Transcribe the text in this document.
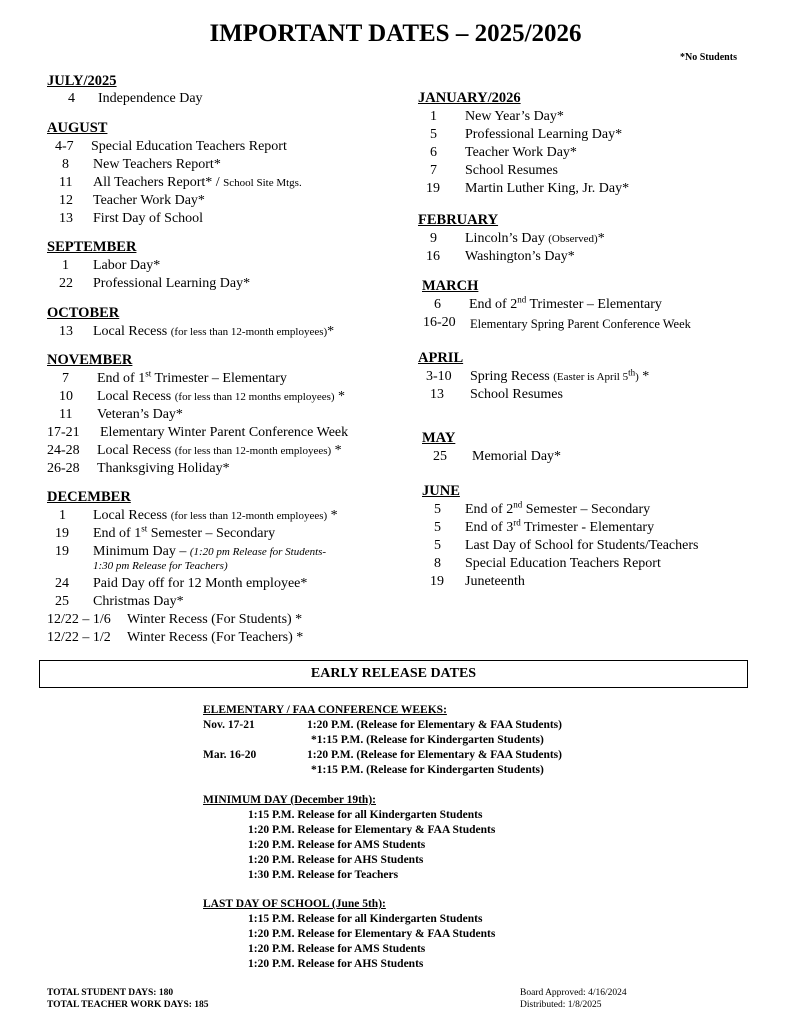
IMPORTANT DATES – 2025/2026
*No Students
JULY/2025
4 Independence Day
AUGUST
4-7 Special Education Teachers Report
8 New Teachers Report*
11 All Teachers Report* / School Site Mtgs.
12 Teacher Work Day*
13 First Day of School
SEPTEMBER
1 Labor Day*
22 Professional Learning Day*
OCTOBER
13 Local Recess (for less than 12-month employees)*
NOVEMBER
7 End of 1st Trimester – Elementary
10 Local Recess (for less than 12 months employees) *
11 Veteran’s Day*
17-21 Elementary Winter Parent Conference Week
24-28 Local Recess (for less than 12-month employees) *
26-28 Thanksgiving Holiday*
DECEMBER
1 Local Recess (for less than 12-month employees) *
19 End of 1st Semester – Secondary
19 Minimum Day – (1:20 pm Release for Students-
1:30 pm Release for Teachers)
24 Paid Day off for 12 Month employee*
25 Christmas Day*
12/22 – 1/6 Winter Recess (For Students) *
12/22 – 1/2 Winter Recess (For Teachers) *
JANUARY/2026
1 New Year’s Day*
5 Professional Learning Day*
6 Teacher Work Day*
7 School Resumes
19 Martin Luther King, Jr. Day*
FEBRUARY
9 Lincoln’s Day (Observed)*
16 Washington’s Day*
MARCH
6 End of 2nd Trimester – Elementary
16-20 Elementary Spring Parent Conference Week
APRIL
3-10 Spring Recess (Easter is April 5th) *
13 School Resumes
MAY
25 Memorial Day*
JUNE
5 End of 2nd Semester – Secondary
5 End of 3rd Trimester - Elementary
5 Last Day of School for Students/Teachers
8 Special Education Teachers Report
19 Juneteenth
EARLY RELEASE DATES
ELEMENTARY / FAA CONFERENCE WEEKS:
Nov. 17-21	1:20 P.M. (Release for Elementary & FAA Students)
*1:15 P.M. (Release for Kindergarten Students)
Mar. 16-20	1:20 P.M. (Release for Elementary & FAA Students)
*1:15 P.M. (Release for Kindergarten Students)
MINIMUM DAY (December 19th):
1:15 P.M. Release for all Kindergarten Students
1:20 P.M. Release for Elementary & FAA Students
1:20 P.M. Release for AMS Students
1:20 P.M. Release for AHS Students
1:30 P.M. Release for Teachers
LAST DAY OF SCHOOL (June 5th):
1:15 P.M. Release for all Kindergarten Students
1:20 P.M. Release for Elementary & FAA Students
1:20 P.M. Release for AMS Students
1:20 P.M. Release for AHS Students
TOTAL STUDENT DAYS: 180
TOTAL TEACHER WORK DAYS: 185
Board Approved: 4/16/2024
Distributed: 1/8/2025
